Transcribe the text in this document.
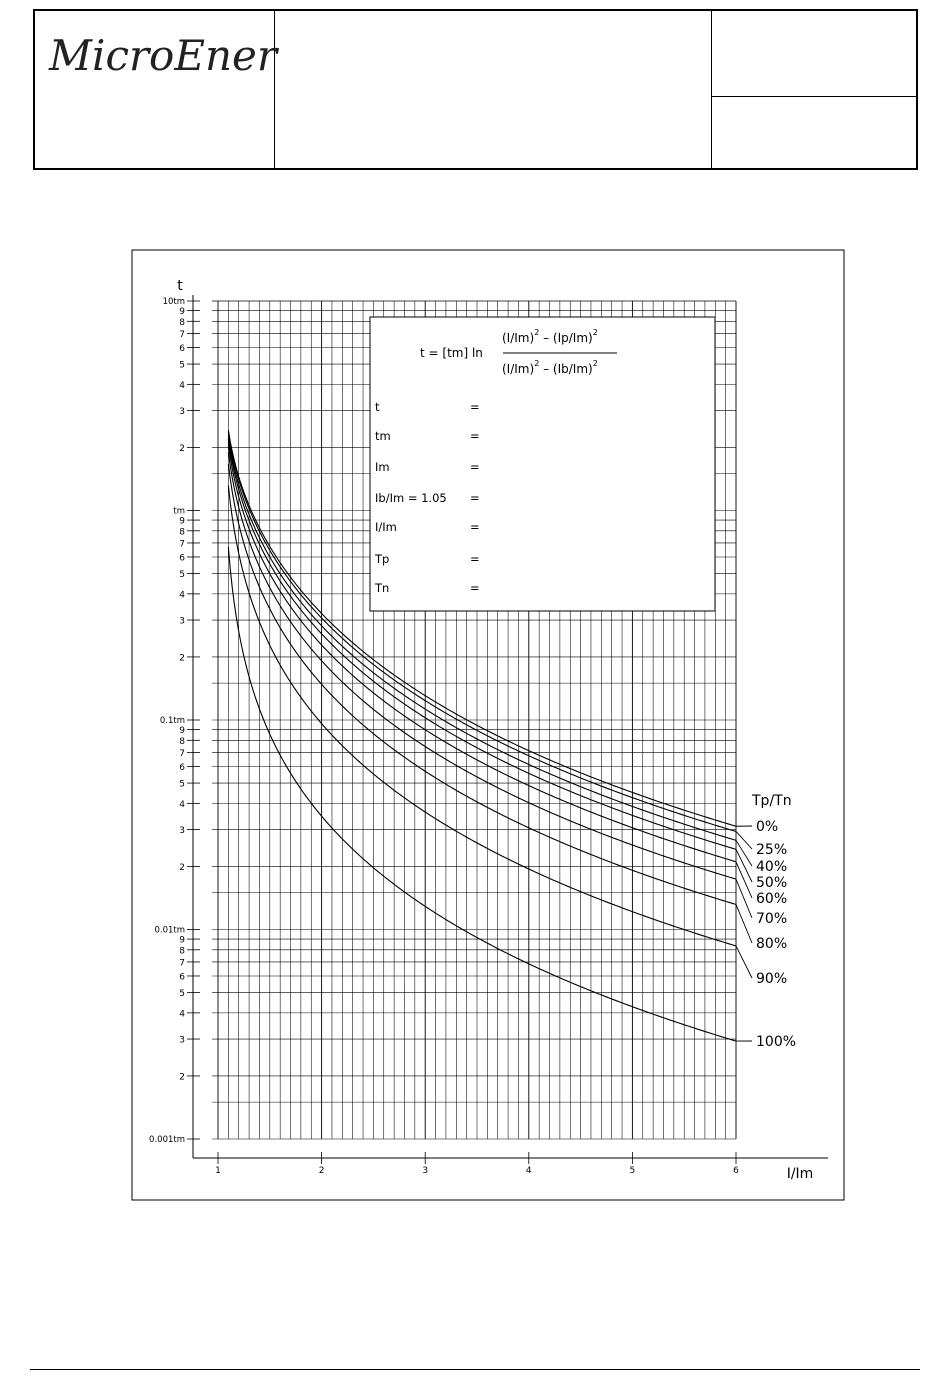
MicroEner
t
10tm
tm
0.1tm
0.01tm
0.001tm
2
3
4
5
6
7
8
9
2
3
4
5
6
7
8
9
2
3
4
5
6
7
8
9
2
3
4
5
6
7
8
9
1	2	3	4	5	6	I/Im
Tp/Tn
0%
25%
40%
50%
60%
70%
80%
90%
100%
t = [tm] ln
$(I/Im)^2 - (Ip/Im)^2$
$(I/Im)^2 - (Ib/Im)^2$
t	=
tm	=
Im	=
Ib/Im = 1.05 =
I/Im	=
Tp	=
Tn	=
